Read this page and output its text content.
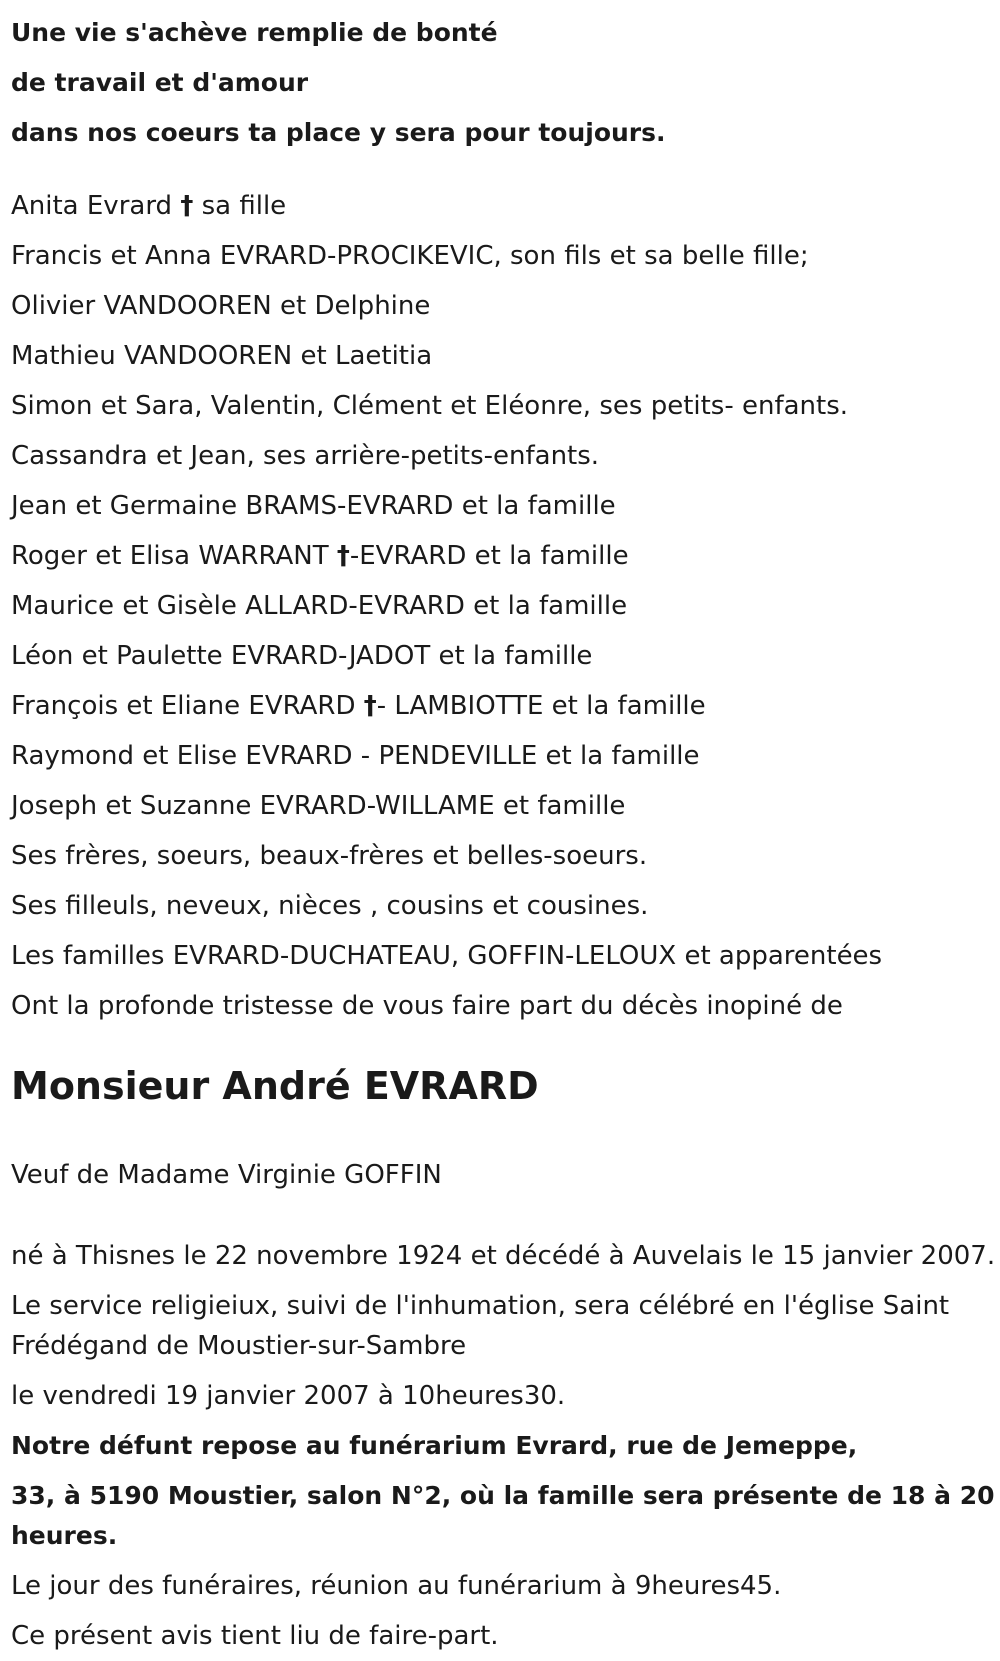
Une vie s'achève remplie de bonté

de travail et d'amour

dans nos coeurs ta place y sera pour toujours.

Anita Evrard † sa fille

Francis et Anna EVRARD-PROCIKEVIC, son fils et sa belle fille;

Olivier VANDOOREN et Delphine

Mathieu VANDOOREN et Laetitia

Simon et Sara, Valentin, Clément et Eléonre, ses petits- enfants.

Cassandra et Jean, ses arrière-petits-enfants.

Jean et Germaine BRAMS-EVRARD et la famille

Roger et Elisa WARRANT †-EVRARD et la famille

Maurice et Gisèle ALLARD-EVRARD et la famille

Léon et Paulette EVRARD-JADOT et la famille

François et Eliane EVRARD †- LAMBIOTTE et la famille

Raymond et Elise EVRARD - PENDEVILLE et la famille

Joseph et Suzanne EVRARD-WILLAME et famille

Ses frères, soeurs, beaux-frères et belles-soeurs.

Ses filleuls, neveux, nièces , cousins et cousines.

Les familles EVRARD-DUCHATEAU, GOFFIN-LELOUX et apparentées

Ont la profonde tristesse de vous faire part du décès inopiné de

Monsieur André EVRARD

Veuf de Madame Virginie GOFFIN

né à Thisnes le 22 novembre 1924 et décédé à Auvelais le 15 janvier 2007.

Le service religieiux, suivi de l'inhumation, sera célébré en l'église Saint Frédégand de Moustier-sur-Sambre

le vendredi 19 janvier 2007 à 10heures30.

Notre défunt repose au funérarium Evrard, rue de Jemeppe,

33, à 5190 Moustier, salon N°2, où la famille sera présente de 18 à 20 heures.

Le jour des funéraires, réunion au funérarium à 9heures45.

Ce présent avis tient liu de faire-part.
